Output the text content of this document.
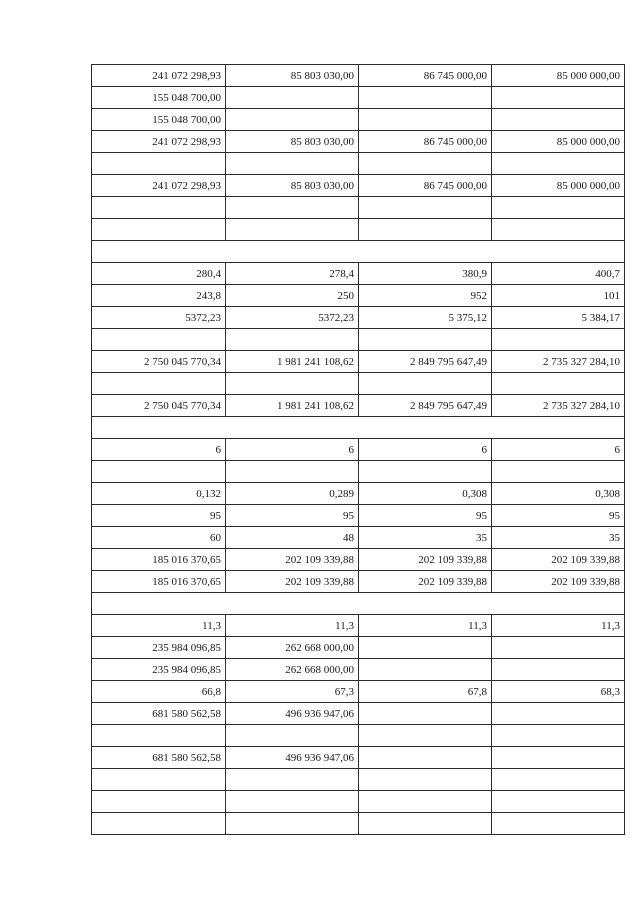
241 072 298,93	85 803 030,00	86 745 000,00	85 000 000,00
155 048 700,00			
155 048 700,00			
241 072 298,93	85 803 030,00	86 745 000,00	85 000 000,00

241 072 298,93	85 803 030,00	86 745 000,00	85 000 000,00

280,4	278,4	380,9	400,7
243,8	250	952	101
5372,23	5372,23	5 375,12	5 384,17

2 750 045 770,34	1 981 241 108,62	2 849 795 647,49	2 735 327 284,10

2 750 045 770,34	1 981 241 108,62	2 849 795 647,49	2 735 327 284,10

6	6	6	6

0,132	0,289	0,308	0,308
95	95	95	95
60	48	35	35
185 016 370,65	202 109 339,88	202 109 339,88	202 109 339,88
185 016 370,65	202 109 339,88	202 109 339,88	202 109 339,88

11,3	11,3	11,3	11,3
235 984 096,85	262 668 000,00		
235 984 096,85	262 668 000,00		
66,8	67,3	67,8	68,3
681 580 562,58	496 936 947,06		

681 580 562,58	496 936 947,06		
